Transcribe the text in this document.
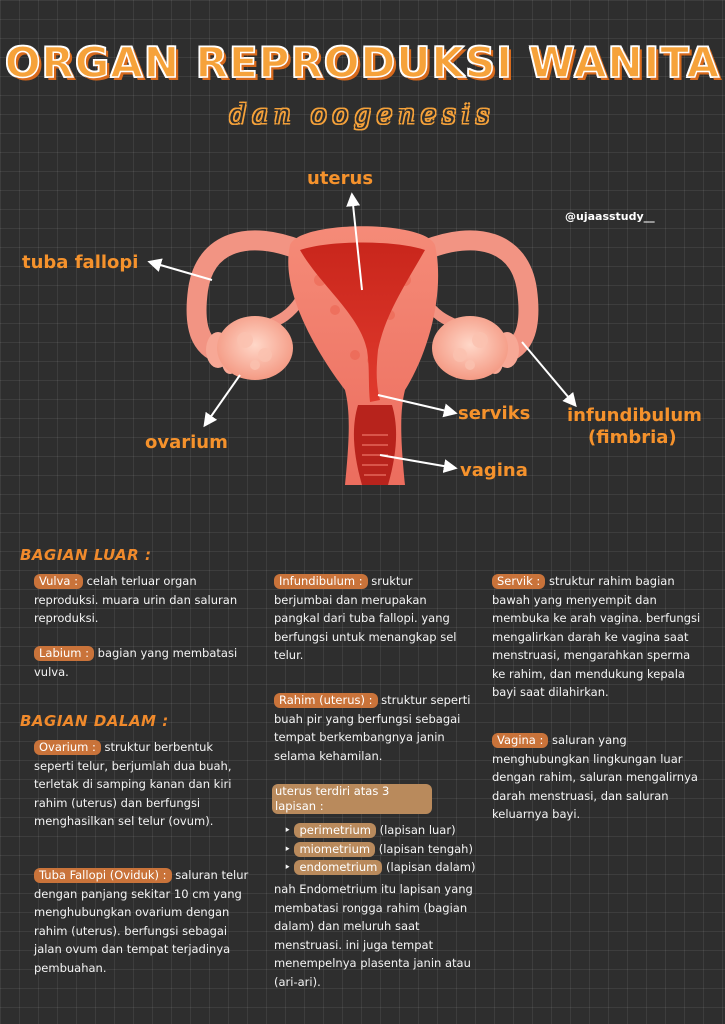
ORGAN REPRODUKSI WANITA
dan oogenesis
@ujaasstudy__
uterus
tuba fallopi
ovarium
serviks infundibulum
(fimbria)
vagina
BAGIAN LUAR :
Vulva : celah terluar organ reproduksi. muara urin dan saluran reproduksi.
Labium : bagian yang membatasi vulva.
BAGIAN DALAM :
Ovarium : struktur berbentuk seperti telur, berjumlah dua buah, terletak di samping kanan dan kiri rahim (uterus) dan berfungsi menghasilkan sel telur (ovum).
Tuba Fallopi (Oviduk) : saluran telur dengan panjang sekitar 10 cm yang menghubungkan ovarium dengan rahim (uterus). berfungsi sebagai jalan ovum dan tempat terjadinya pembuahan.
Infundibulum : sruktur berjumbai dan merupakan pangkal dari tuba fallopi. yang berfungsi untuk menangkap sel telur.
Rahim (uterus) : struktur seperti buah pir yang berfungsi sebagai tempat berkembangnya janin selama kehamilan.
uterus terdiri atas 3 lapisan :
‣ perimetrium (lapisan luar)
‣ miometrium (lapisan tengah)
‣ endometrium (lapisan dalam)
nah Endometrium itu lapisan yang membatasi rongga rahim (bagian dalam) dan meluruh saat menstruasi. ini juga tempat menempelnya plasenta janin atau (ari-ari).
Servik : struktur rahim bagian bawah yang menyempit dan membuka ke arah vagina. berfungsi mengalirkan darah ke vagina saat menstruasi, mengarahkan sperma ke rahim, dan mendukung kepala bayi saat dilahirkan.
Vagina : saluran yang menghubungkan lingkungan luar dengan rahim, saluran mengalirnya darah menstruasi, dan saluran keluarnya bayi.
